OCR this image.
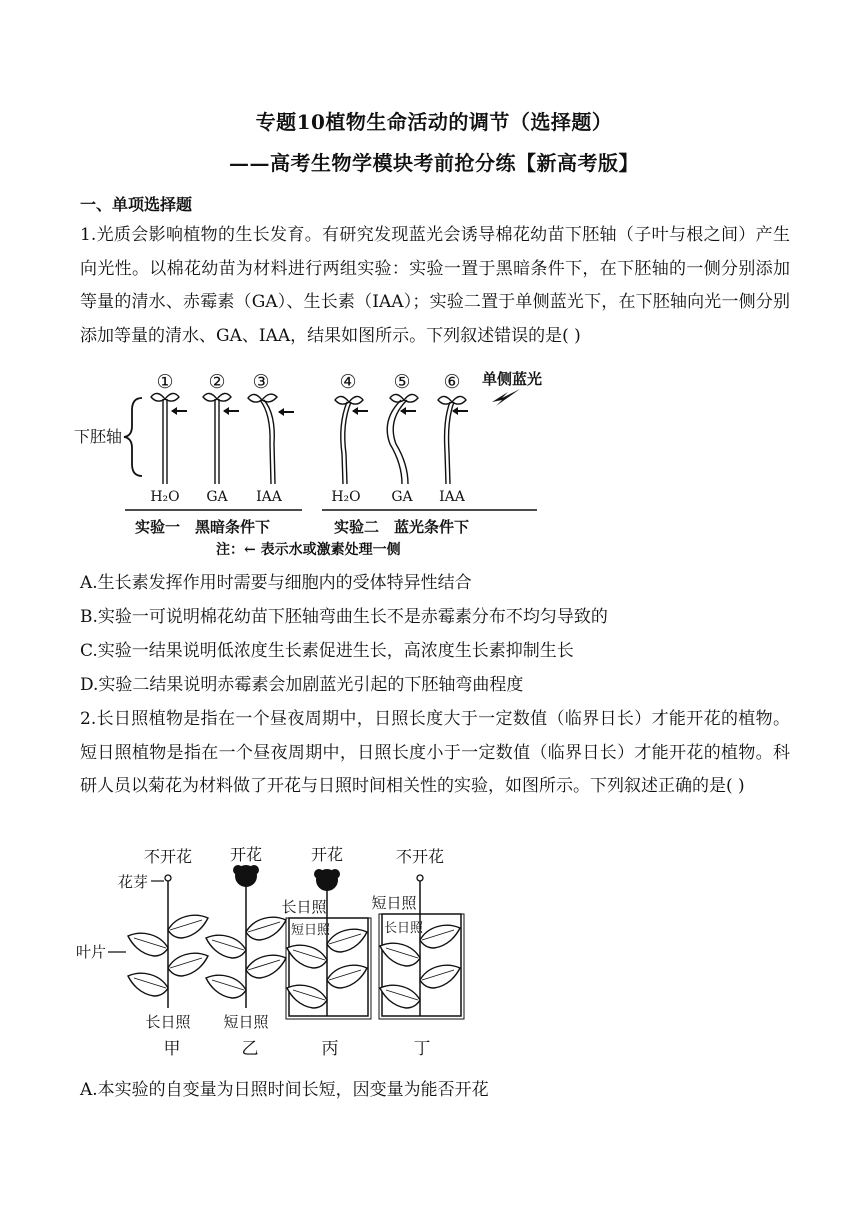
专题10植物生命活动的调节（选择题）
——高考生物学模块考前抢分练【新高考版】
一、单项选择题
1.光质会影响植物的生长发育。有研究发现蓝光会诱导棉花幼苗下胚轴（子叶与根之间）产生向光性。以棉花幼苗为材料进行两组实验：实验一置于黑暗条件下，在下胚轴的一侧分别添加等量的清水、赤霉素（GA）、生长素（IAA）；实验二置于单侧蓝光下，在下胚轴向光一侧分别添加等量的清水、GA、IAA，结果如图所示。下列叙述错误的是( )
① ② ③	④ ⑤ ⑥ 单侧蓝光
下胚轴
H₂O GA IAA	H₂O GA IAA
实验一　黑暗条件下	实验二　蓝光条件下
注：← 表示水或激素处理一侧
A.生长素发挥作用时需要与细胞内的受体特异性结合
B.实验一可说明棉花幼苗下胚轴弯曲生长不是赤霉素分布不均匀导致的
C.实验一结果说明低浓度生长素促进生长，高浓度生长素抑制生长
D.实验二结果说明赤霉素会加剧蓝光引起的下胚轴弯曲程度
2.长日照植物是指在一个昼夜周期中，日照长度大于一定数值（临界日长）才能开花的植物。短日照植物是指在一个昼夜周期中，日照长度小于一定数值（临界日长）才能开花的植物。科研人员以菊花为材料做了开花与日照时间相关性的实验，如图所示。下列叙述正确的是( )
不开花 开花	开花	不开花
花芽
叶片
长日照 短日照
长日照
短日照
短日照
长日照
甲	乙	丙	丁
A.本实验的自变量为日照时间长短，因变量为能否开花
